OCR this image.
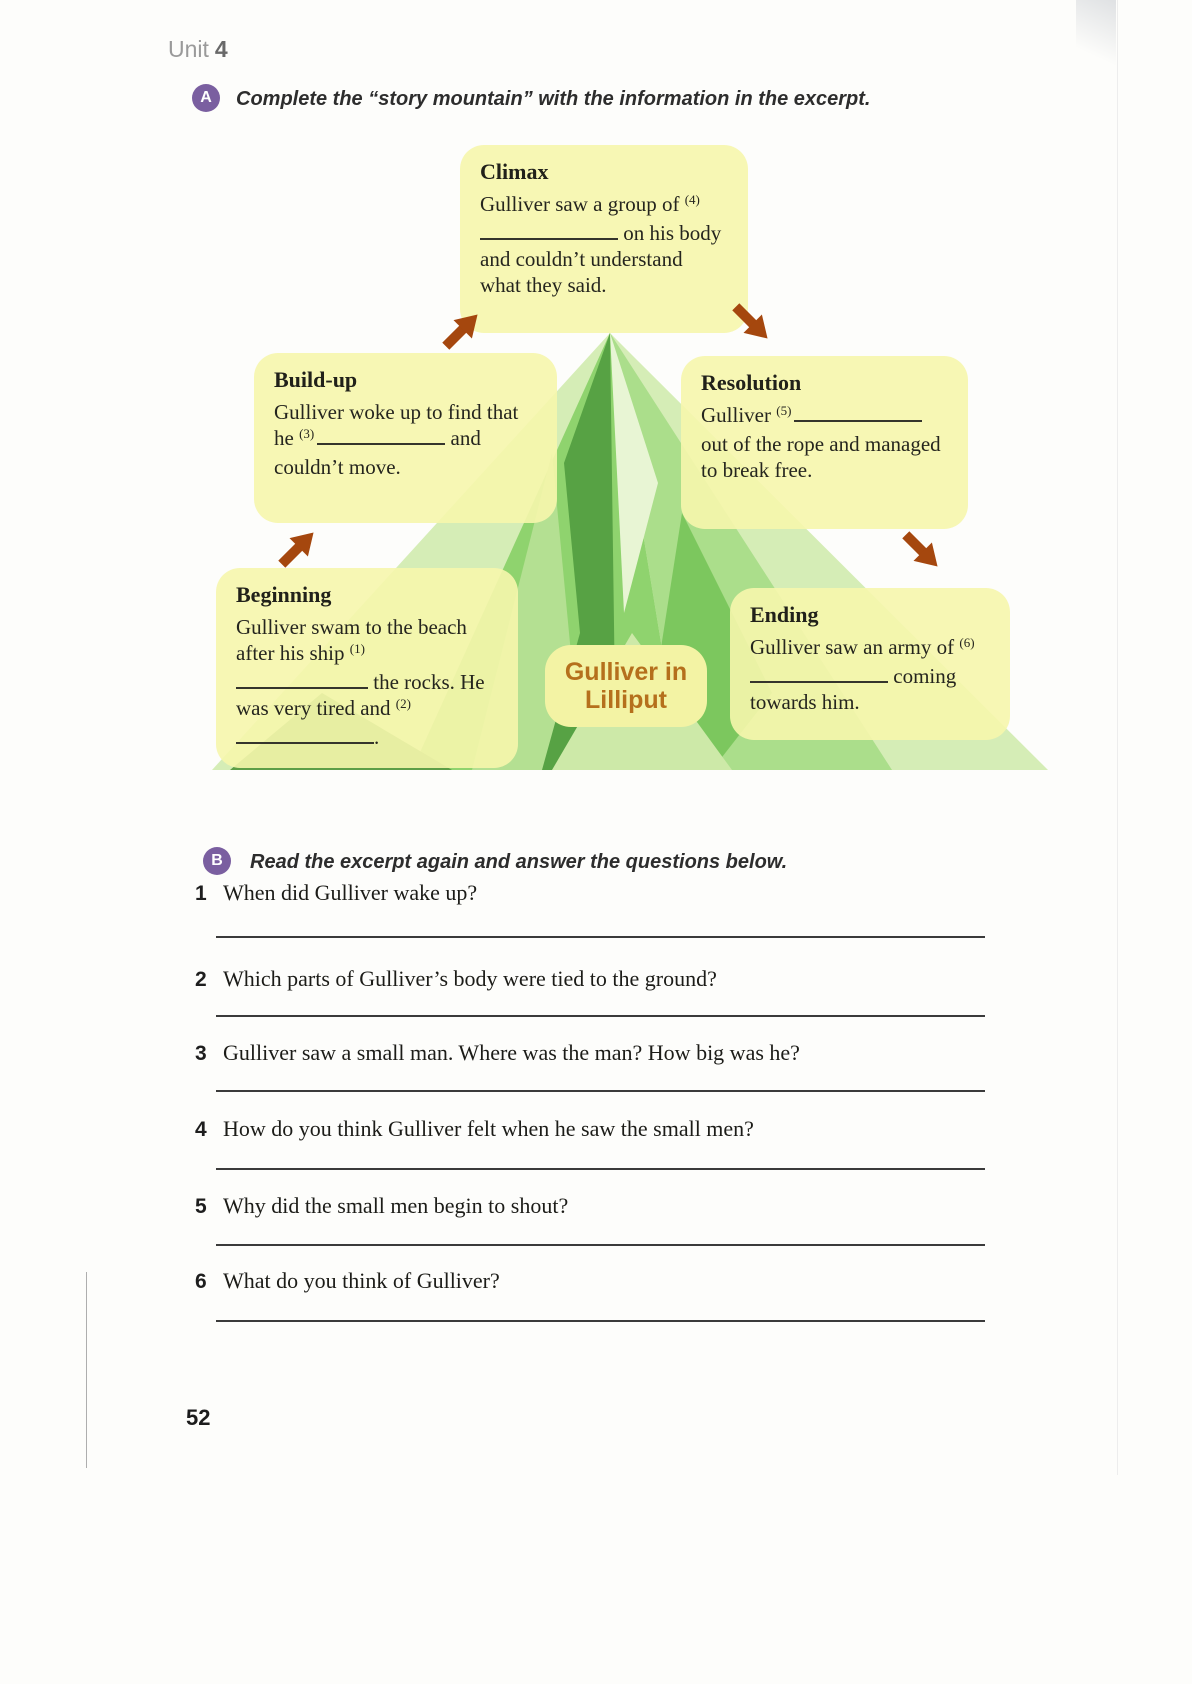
Unit 4
A	Complete the “story mountain” with the information in the excerpt.
Climax
Gulliver saw a group of $^{(4)}$ on his body and couldn’t understand what they said.
Build-up
Gulliver woke up to find that he $^{(3)}$	and couldn’t move.
Resolution
Gulliver $^{(5)}$ out of the rope and managed to break free.
Beginning
Gulliver swam to the beach after his ship $^{(1)}$ the rocks. He was very tired and $^{(2)}$.
Ending
Gulliver saw an army of $^{(6)}$ coming towards him.
Gulliver in
Lilliput
B	Read the excerpt again and answer the questions below.
1 When did Gulliver wake up?
2 Which parts of Gulliver’s body were tied to the ground?
3 Gulliver saw a small man. Where was the man? How big was he?
4 How do you think Gulliver felt when he saw the small men?
5 Why did the small men begin to shout?
6 What do you think of Gulliver?
52
